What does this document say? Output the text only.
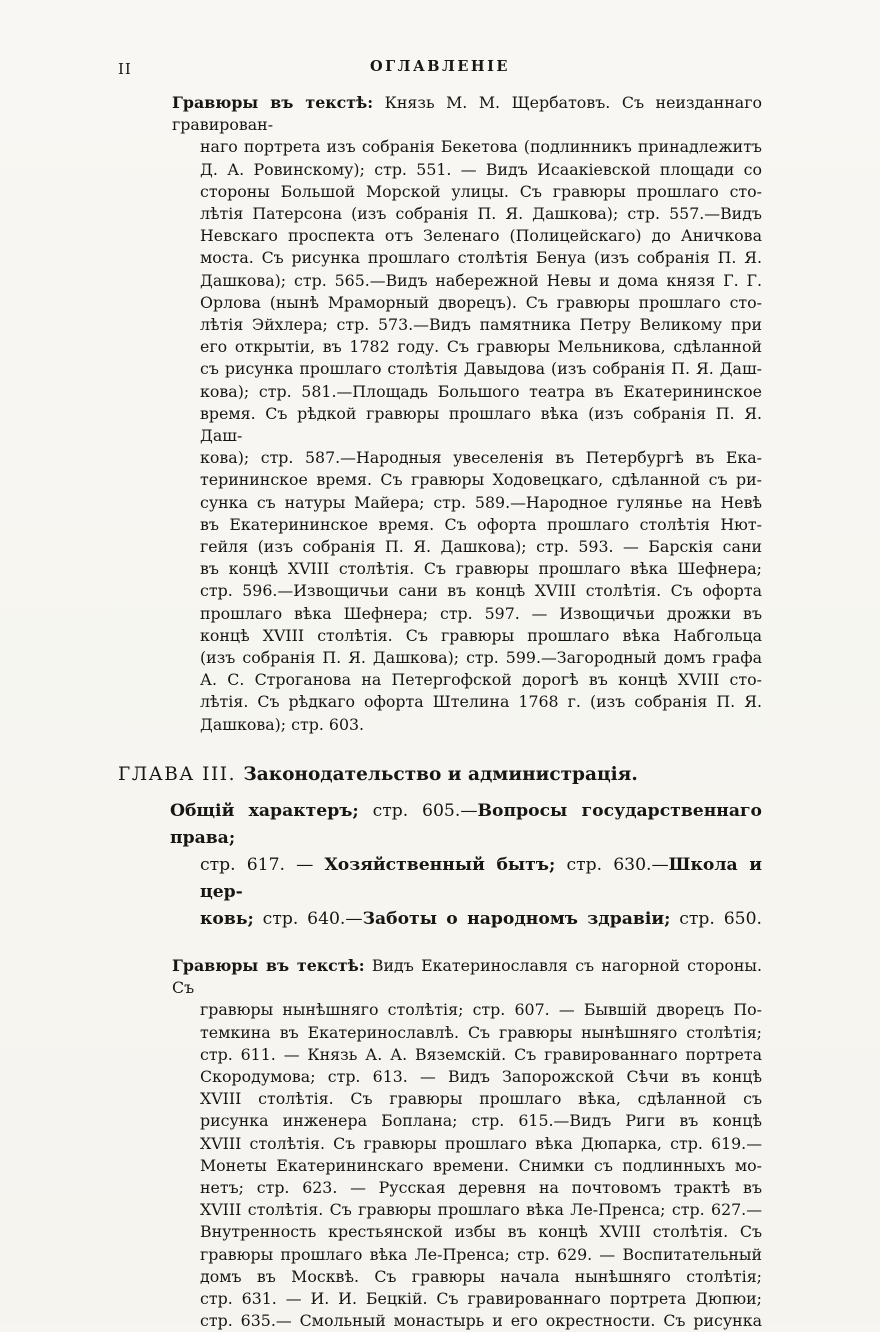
II	ОГЛАВЛЕНІЕ
Гравюры въ текстѣ: Князь М. М. Щербатовъ. Съ неизданнаго гравирован-
наго портрета изъ собранія Бекетова (подлинникъ принадлежитъ
Д. А. Ровинскому); стр. 551. — Видъ Исаакіевской площади со
стороны Большой Морской улицы. Съ гравюры прошлаго сто-
лѣтія Патерсона (изъ собранія П. Я. Дашкова); стр. 557.—Видъ
Невскаго проспекта отъ Зеленаго (Полицейскаго) до Аничкова
моста. Съ рисунка прошлаго столѣтія Бенуа (изъ собранія П. Я.
Дашкова); стр. 565.—Видъ набережной Невы и дома князя Г. Г.
Орлова (нынѣ Мраморный дворецъ). Съ гравюры прошлаго сто-
лѣтія Эйхлера; стр. 573.—Видъ памятника Петру Великому при
его открытіи, въ 1782 году. Съ гравюры Мельникова, сдѣланной
съ рисунка прошлаго столѣтія Давыдова (изъ собранія П. Я. Даш-
кова); стр. 581.—Площадь Большого театра въ Екатерининское
время. Съ рѣдкой гравюры прошлаго вѣка (изъ собранія П. Я. Даш-
кова); стр. 587.—Народныя увеселенія въ Петербургѣ въ Ека-
терининское время. Съ гравюры Ходовецкаго, сдѣланной съ ри-
сунка съ натуры Майера; стр. 589.—Народное гулянье на Невѣ
въ Екатерининское время. Съ офорта прошлаго столѣтія Нют-
гейля (изъ собранія П. Я. Дашкова); стр. 593. — Барскія сани
въ концѣ XVIII столѣтія. Съ гравюры прошлаго вѣка Шефнера;
стр. 596.—Извощичьи сани въ концѣ XVIII столѣтія. Съ офорта
прошлаго вѣка Шефнера; стр. 597. — Извощичьи дрожки въ
концѣ XVIII столѣтія. Съ гравюры прошлаго вѣка Набгольца
(изъ собранія П. Я. Дашкова); стр. 599.—Загородный домъ графа
А. С. Строганова на Петергофской дорогѣ въ концѣ XVIII сто-
лѣтія. Съ рѣдкаго офорта Штелина 1768 г. (изъ собранія П. Я.
Дашкова); стр. 603.
ГЛАВА III. Законодательство и администрація.
Общій характеръ; стр. 605.—Вопросы государственнаго права;
стр. 617. — Хозяйственный бытъ; стр. 630.—Школа и цер-
ковь; стр. 640.—Заботы о народномъ здравіи; стр. 650.
Гравюры въ текстѣ: Видъ Екатеринославля съ нагорной стороны. Съ
гравюры нынѣшняго столѣтія; стр. 607. — Бывшій дворецъ По-
темкина въ Екатеринославлѣ. Съ гравюры нынѣшняго столѣтія;
стр. 611. — Князь А. А. Вяземскій. Съ гравированнаго портрета
Скородумова; стр. 613. — Видъ Запорожской Сѣчи въ концѣ
XVIII столѣтія. Съ гравюры прошлаго вѣка, сдѣланной съ
рисунка инженера Боплана; стр. 615.—Видъ Риги въ концѣ
XVIII столѣтія. Съ гравюры прошлаго вѣка Дюпарка, стр. 619.—
Монеты Екатерининскаго времени. Снимки съ подлинныхъ мо-
нетъ; стр. 623. — Русская деревня на почтовомъ трактѣ въ
XVIII столѣтія. Съ гравюры прошлаго вѣка Ле-Пренса; стр. 627.—
Внутренность крестьянской избы въ концѣ XVIII столѣтія. Съ
гравюры прошлаго вѣка Ле-Пренса; стр. 629. — Воспитательный
домъ въ Москвѣ. Съ гравюры начала нынѣшняго столѣтія;
стр. 631. — И. И. Бецкій. Съ гравированнаго портрета Дюпюи;
стр. 635.— Смольный монастырь и его окрестности. Съ рисунка
